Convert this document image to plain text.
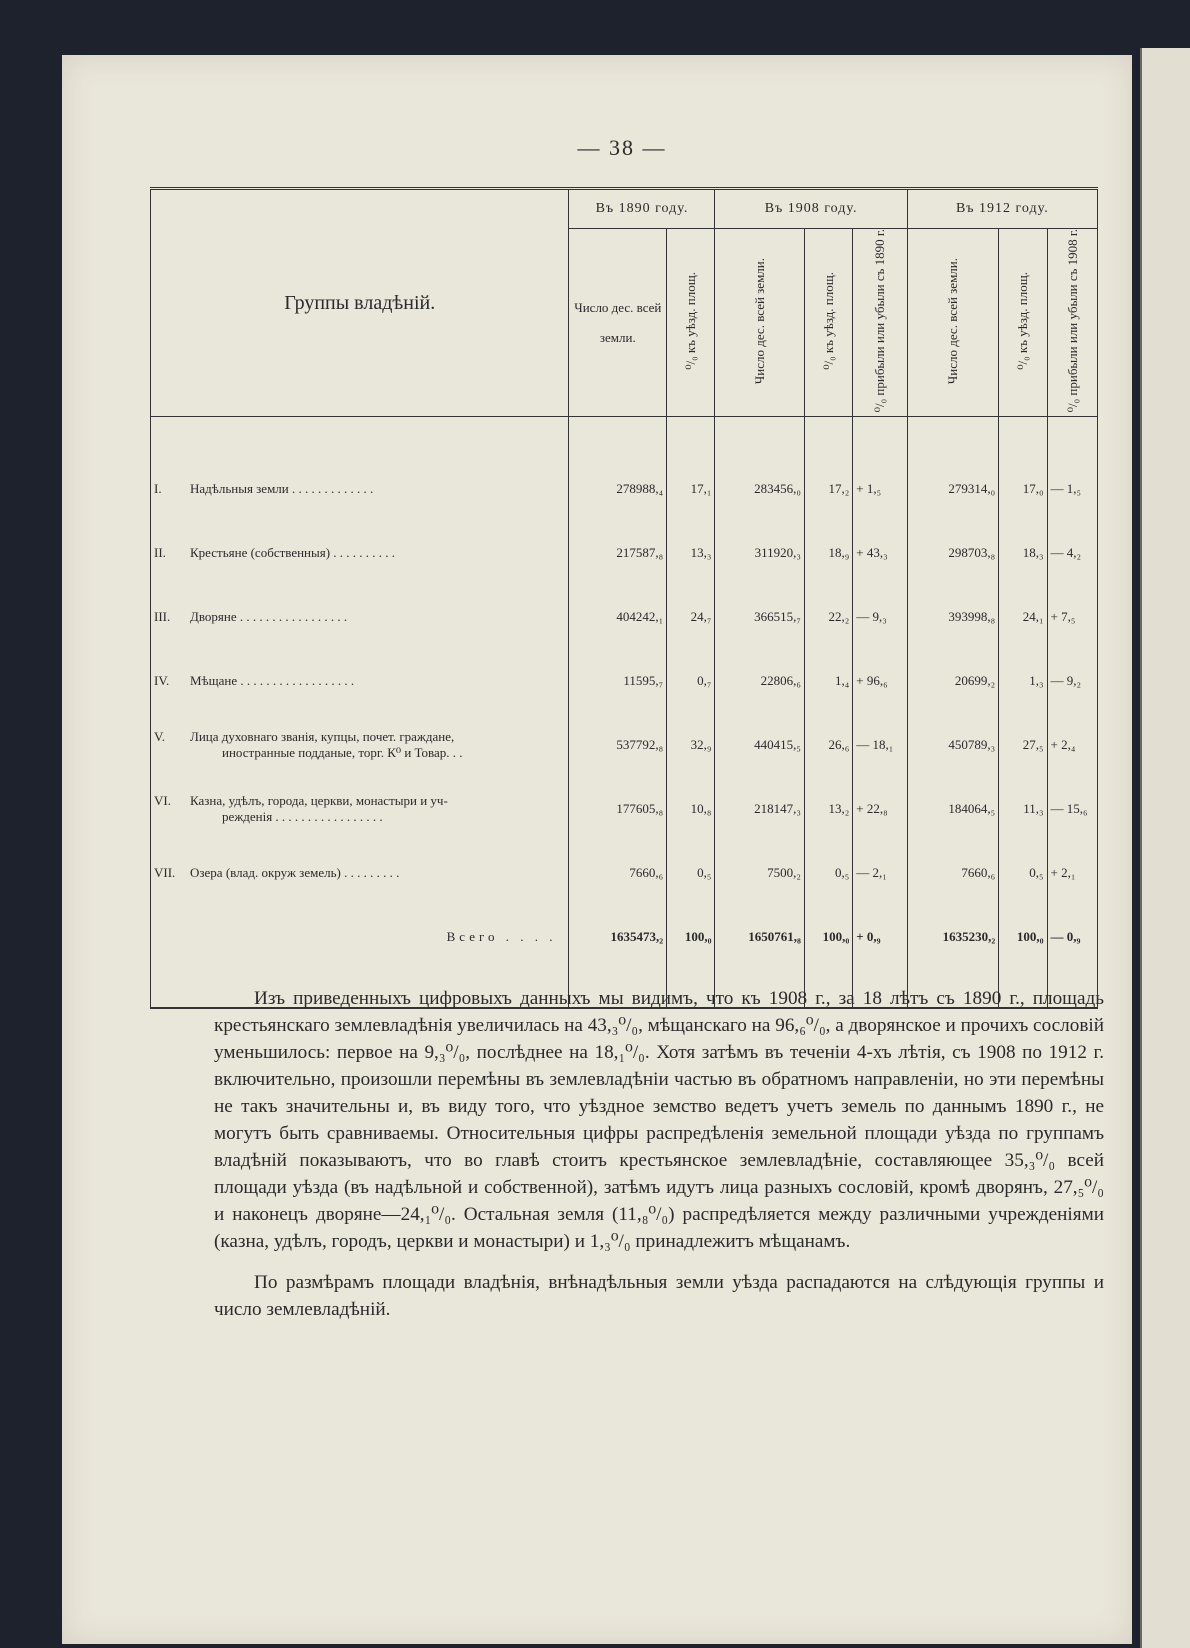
— 38 —
Группы владѣній.	Въ 1890 году.		Въ 1908 году.			Въ 1912 году.		
	Число дес. всей земли.	⁰/₀ къ уѣзд. площ.	Число дес. всей земли.	⁰/₀ къ уѣзд. площ.	⁰/₀ прибыли или убыли съ 1890 г.	Число дес. всей земли.	⁰/₀ къ уѣзд. площ.	⁰/₀ прибыли или убыли съ 1908 г.

I. Надѣльныя земли . . . . . . . . . . . . .	278988,₄	17,₁	283456,₀	17,₂	+ 1,₅	279314,₀	17,₀	— 1,₅
II. Крестьяне (собственныя) . . . . . . . . . .	217587,₈	13,₃	311920,₃	18,₉	+ 43,₃	298703,₈	18,₃	— 4,₂
III. Дворяне . . . . . . . . . . . . . . . . .	404242,₁	24,₇	366515,₇	22,₂	— 9,₃	393998,₈	24,₁	+ 7,₅
IV. Мѣщане . . . . . . . . . . . . . . . . . .	11595,₇	0,₇	22806,₆	1,₄	+ 96,₆	20699,₂	1,₃	— 9,₂
V. Лица духовнаго званія, купцы, почет. граждане,
иностранные подданые, торг. К⁰ и Товар. . .	537792,₈	32,₉	440415,₅	26,₆	— 18,₁	450789,₃	27,₅	+ 2,₄
VI. Казна, удѣлъ, города, церкви, монастыри и уч-
режденія . . . . . . . . . . . . . . . . .	177605,₈	10,₈	218147,₃	13,₂	+ 22,₈	184064,₅	11,₃	— 15,₆
VII. Озера (влад. окруж земель) . . . . . . . . .	7660,₆	0,₅	7500,₂	0,₅	— 2,₁	7660,₆	0,₅	+ 2,₁
Всего . . . .	1635473,₂	100,₀	1650761,₈	100,₀	+ 0,₉	1635230,₂	100,₀	— 0,₉

Изъ приведенныхъ цифровыхъ данныхъ мы видимъ, что къ 1908 г., за 18 лѣтъ съ 1890 г., площадь крестьянскаго землевладѣнія увеличилась на 43,₃⁰/₀, мѣщанскаго на 96,₆⁰/₀, а дворянское и прочихъ сословій уменьшилось: первое на 9,₃⁰/₀, послѣднее на 18,₁⁰/₀. Хотя затѣмъ въ теченіи 4-хъ лѣтія, съ 1908 по 1912 г. включительно, произошли перемѣны въ землевладѣніи частью въ обратномъ направленіи, но эти перемѣны не такъ значительны и, въ виду того, что уѣздное земство ведетъ учетъ земель по даннымъ 1890 г., не могутъ быть сравниваемы. Относительныя цифры распредѣленія земельной площади уѣзда по группамъ владѣній показываютъ, что во главѣ стоитъ крестьянское землевладѣніе, составляющее 35,₃⁰/₀ всей площади уѣзда (въ надѣльной и собственной), затѣмъ идутъ лица разныхъ сословій, кромѣ дворянъ, 27,₅⁰/₀ и наконецъ дворяне—24,₁⁰/₀. Остальная земля (11,₈⁰/₀) распредѣляется между различными учрежденіями (казна, удѣлъ, городъ, церкви и монастыри) и 1,₃⁰/₀ принадлежитъ мѣщанамъ.

По размѣрамъ площади владѣнія, внѣнадѣльныя земли уѣзда распадаются на слѣдующія группы и число землевладѣній.
